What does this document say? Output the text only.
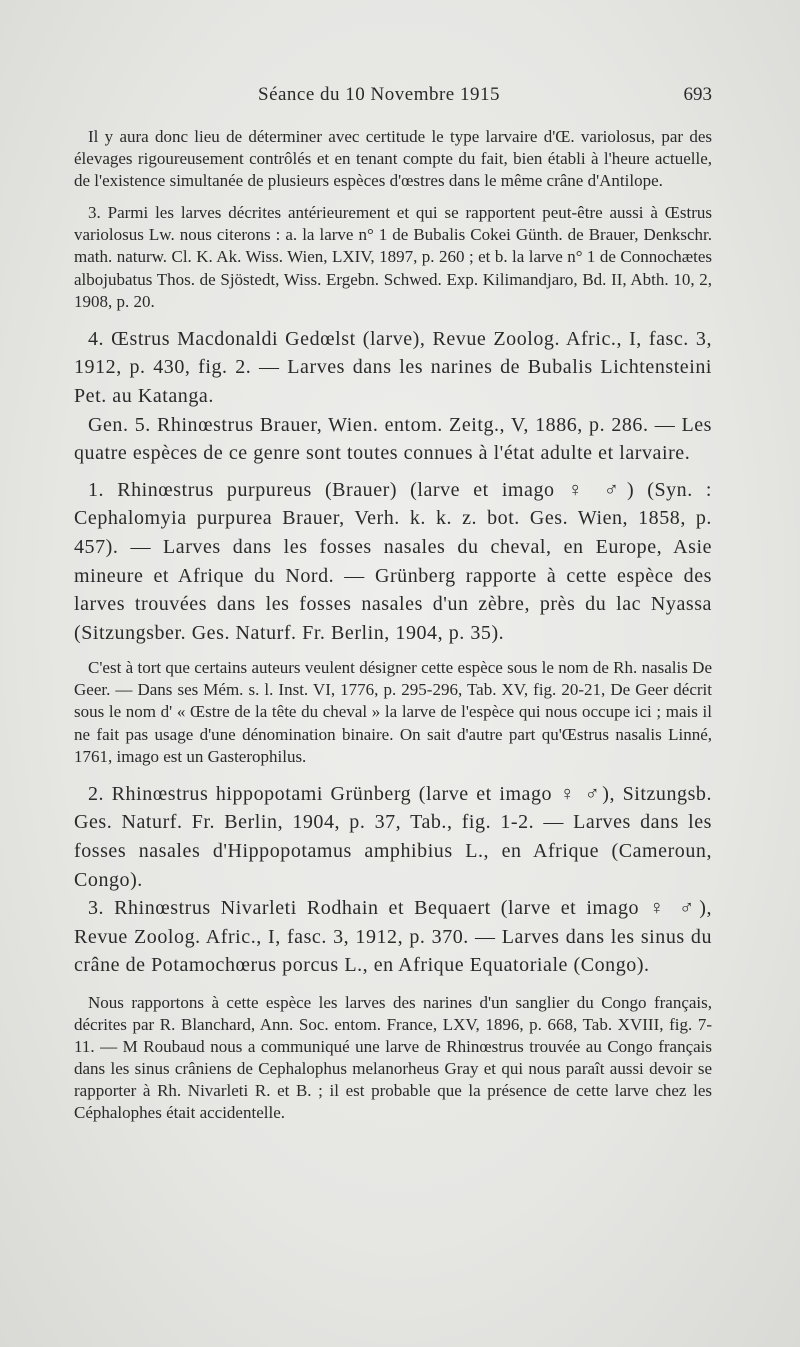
Séance du 10 Novembre 1915	693

Il y aura donc lieu de déterminer avec certitude le type larvaire d'Œ. variolosus, par des élevages rigoureusement contrôlés et en tenant compte du fait, bien établi à l'heure actuelle, de l'existence simultanée de plusieurs espèces d'œstres dans le même crâne d'Antilope.

3. Parmi les larves décrites antérieurement et qui se rapportent peut-être aussi à Œstrus variolosus Lw. nous citerons : a. la larve n° 1 de Bubalis Cokei Günth. de Brauer, Denkschr. math. naturw. Cl. K. Ak. Wiss. Wien, LXIV, 1897, p. 260 ; et b. la larve n° 1 de Connochætes albojubatus Thos. de Sjöstedt, Wiss. Ergebn. Schwed. Exp. Kilimandjaro, Bd. II, Abth. 10, 2, 1908, p. 20.

4. Œstrus Macdonaldi Gedœlst (larve), Revue Zoolog. Afric., I, fasc. 3, 1912, p. 430, fig. 2. — Larves dans les narines de Bubalis Lichtensteini Pet. au Katanga.

Gen. 5. Rhinœstrus Brauer, Wien. entom. Zeitg., V, 1886, p. 286. — Les quatre espèces de ce genre sont toutes connues à l'état adulte et larvaire.

1. Rhinœstrus purpureus (Brauer) (larve et imago ♀ ♂) (Syn. : Cephalomyia purpurea Brauer, Verh. k. k. z. bot. Ges. Wien, 1858, p. 457). — Larves dans les fosses nasales du cheval, en Europe, Asie mineure et Afrique du Nord. — Grünberg rapporte à cette espèce des larves trouvées dans les fosses nasales d'un zèbre, près du lac Nyassa (Sitzungsber. Ges. Naturf. Fr. Berlin, 1904, p. 35).

C'est à tort que certains auteurs veulent désigner cette espèce sous le nom de Rh. nasalis De Geer. — Dans ses Mém. s. l. Inst. VI, 1776, p. 295-296, Tab. XV, fig. 20-21, De Geer décrit sous le nom d' « Œstre de la tête du cheval » la larve de l'espèce qui nous occupe ici ; mais il ne fait pas usage d'une dénomination binaire. On sait d'autre part qu'Œstrus nasalis Linné, 1761, imago est un Gasterophilus.

2. Rhinœstrus hippopotami Grünberg (larve et imago ♀ ♂), Sitzungsb. Ges. Naturf. Fr. Berlin, 1904, p. 37, Tab., fig. 1-2. — Larves dans les fosses nasales d'Hippopotamus amphibius L., en Afrique (Cameroun, Congo).

3. Rhinœstrus Nivarleti Rodhain et Bequaert (larve et imago ♀ ♂), Revue Zoolog. Afric., I, fasc. 3, 1912, p. 370. — Larves dans les sinus du crâne de Potamochœrus porcus L., en Afrique Equatoriale (Congo).

Nous rapportons à cette espèce les larves des narines d'un sanglier du Congo français, décrites par R. Blanchard, Ann. Soc. entom. France, LXV, 1896, p. 668, Tab. XVIII, fig. 7-11. — M Roubaud nous a communiqué une larve de Rhinœstrus trouvée au Congo français dans les sinus crâniens de Cephalophus melanorheus Gray et qui nous paraît aussi devoir se rapporter à Rh. Nivarleti R. et B. ; il est probable que la présence de cette larve chez les Céphalophes était accidentelle.
